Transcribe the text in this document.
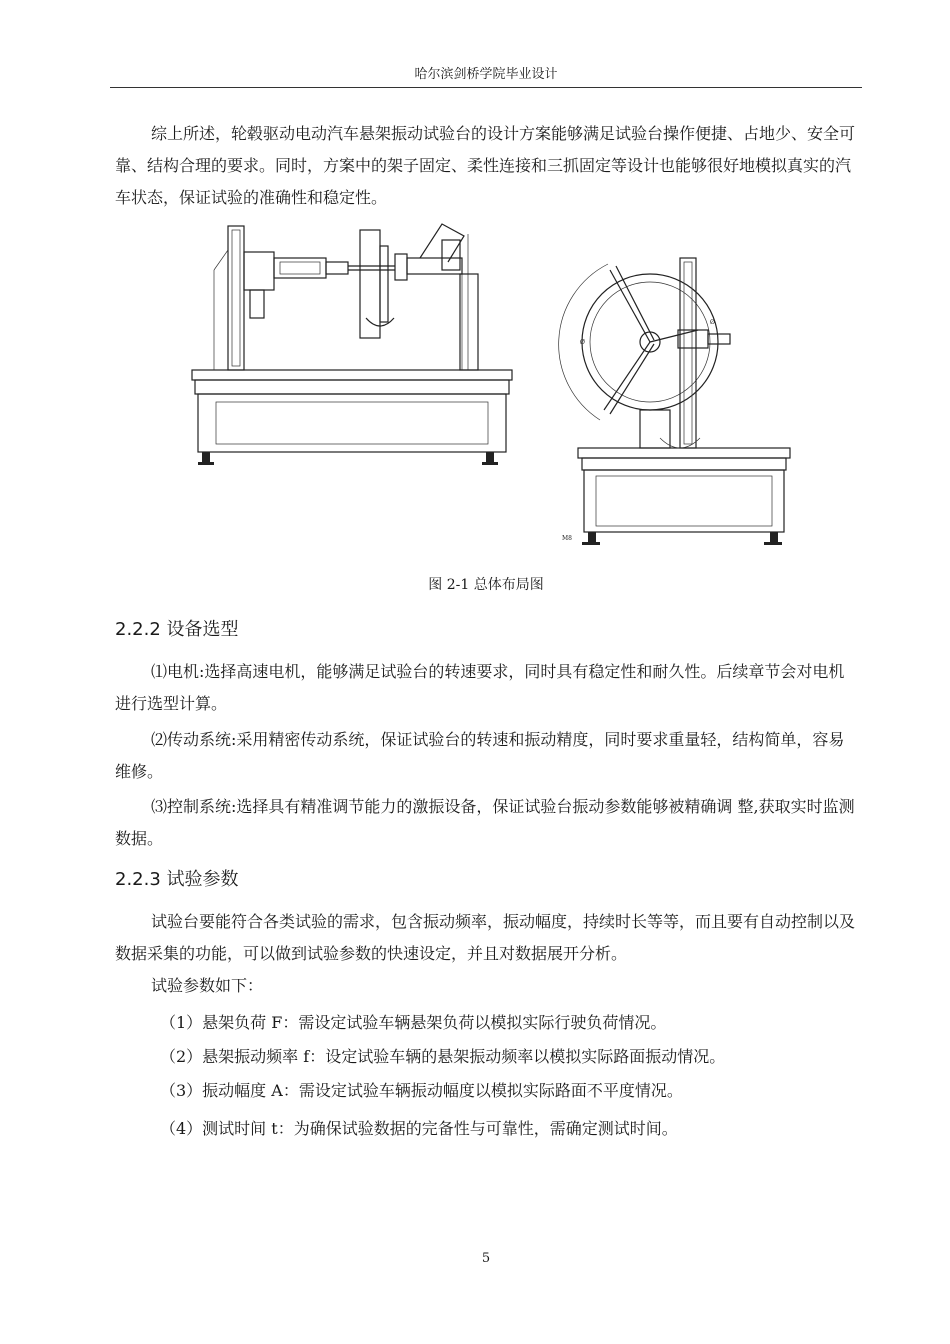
哈尔滨剑桥学院毕业设计

综上所述，轮毂驱动电动汽车悬架振动试验台的设计方案能够满足试验台操作便捷、占地少、安全可靠、结构合理的要求。同时，方案中的架子固定、柔性连接和三抓固定等设计也能够很好地模拟真实的汽车状态，保证试验的准确性和稳定性。

M8
Ø
Ø
图 2-1 总体布局图
2.2.2 设备选型

⑴电机:选择高速电机，能够满足试验台的转速要求，同时具有稳定性和耐久性。后续章节会对电机进行选型计算。

⑵传动系统:采用精密传动系统，保证试验台的转速和振动精度，同时要求重量轻，结构简单，容易维修。

⑶控制系统:选择具有精准调节能力的激振设备，保证试验台振动参数能够被精确调 整,获取实时监测数据。

2.2.3 试验参数

试验台要能符合各类试验的需求，包含振动频率，振动幅度，持续时长等等，而且要有自动控制以及数据采集的功能，可以做到试验参数的快速设定，并且对数据展开分析。

试验参数如下：

（1）悬架负荷 F：需设定试验车辆悬架负荷以模拟实际行驶负荷情况。

（2）悬架振动频率 f：设定试验车辆的悬架振动频率以模拟实际路面振动情况。

（3）振动幅度 A：需设定试验车辆振动幅度以模拟实际路面不平度情况。

（4）测试时间 t：为确保试验数据的完备性与可靠性，需确定测试时间。

5
